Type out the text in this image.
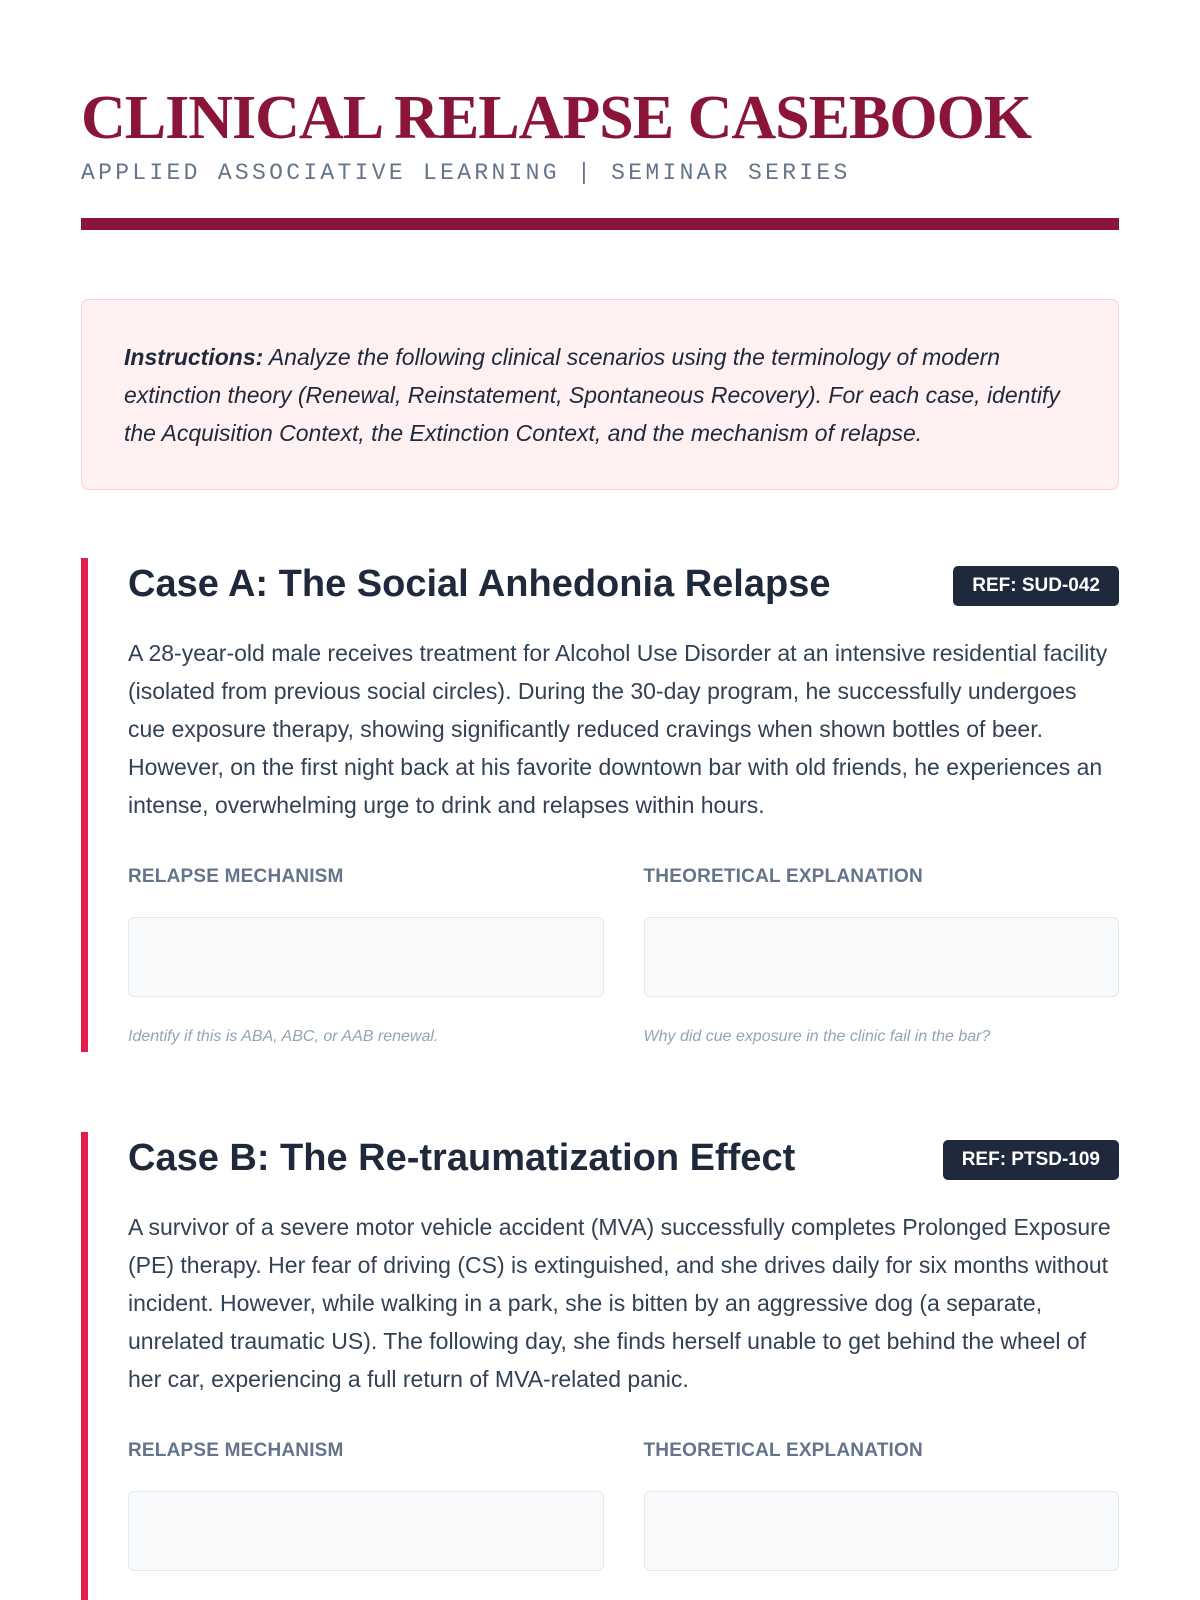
CLINICAL RELAPSE CASEBOOK
APPLIED ASSOCIATIVE LEARNING | SEMINAR SERIES
Instructions: Analyze the following clinical scenarios using the terminology of modern extinction theory (Renewal, Reinstatement, Spontaneous Recovery). For each case, identify the Acquisition Context, the Extinction Context, and the mechanism of relapse.
Case A: The Social Anhedonia Relapse	REF: SUD-042

A 28-year-old male receives treatment for Alcohol Use Disorder at an intensive residential facility (isolated from previous social circles). During the 30-day program, he successfully undergoes cue exposure therapy, showing significantly reduced cravings when shown bottles of beer. However, on the first night back at his favorite downtown bar with old friends, he experiences an intense, overwhelming urge to drink and relapses within hours.

RELAPSE MECHANISM
Identify if this is ABA, ABC, or AAB renewal.
THEORETICAL EXPLANATION
Why did cue exposure in the clinic fail in the bar?
Case B: The Re-traumatization Effect	REF: PTSD-109

A survivor of a severe motor vehicle accident (MVA) successfully completes Prolonged Exposure (PE) therapy. Her fear of driving (CS) is extinguished, and she drives daily for six months without incident. However, while walking in a park, she is bitten by an aggressive dog (a separate, unrelated traumatic US). The following day, she finds herself unable to get behind the wheel of her car, experiencing a full return of MVA-related panic.

RELAPSE MECHANISM	THEORETICAL EXPLANATION
